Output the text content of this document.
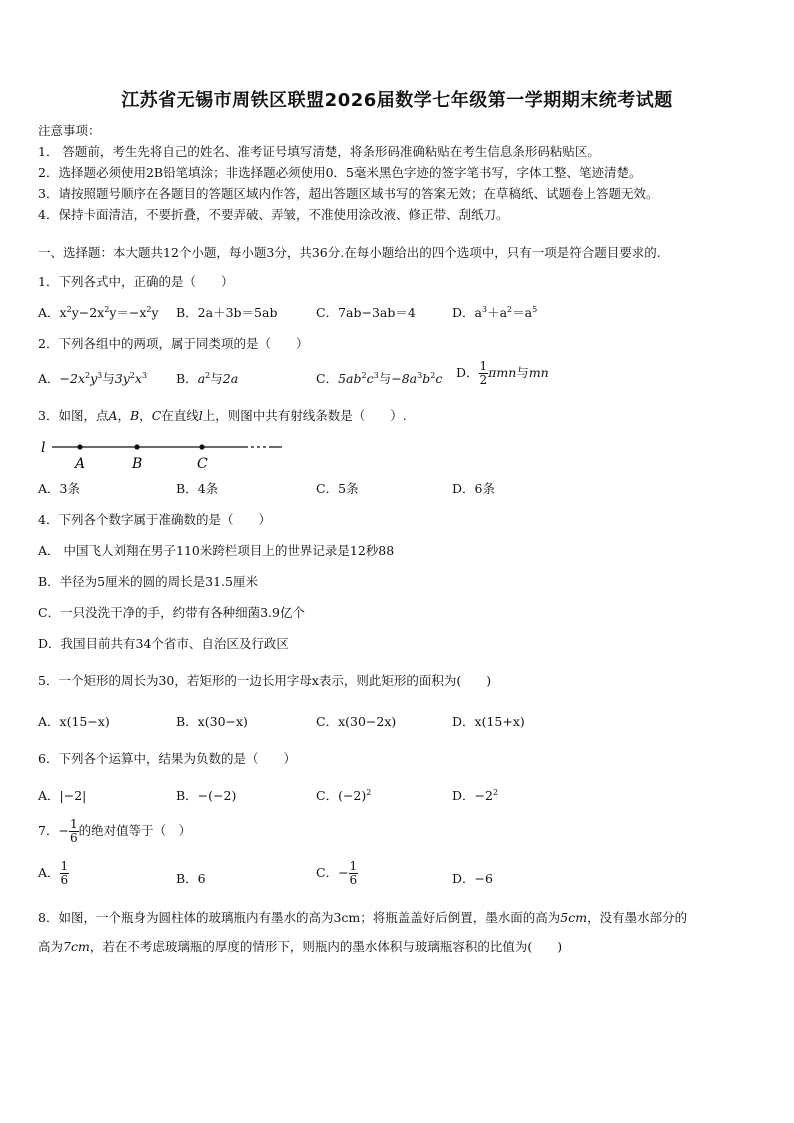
江苏省无锡市周铁区联盟2026届数学七年级第一学期期末统考试题
注意事项：
1． 答题前，考生先将自己的姓名、准考证号填写清楚，将条形码准确粘贴在考生信息条形码粘贴区。
2．选择题必须使用2B铅笔填涂；非选择题必须使用0．5毫米黑色字迹的签字笔书写，字体工整、笔迹清楚。
3．请按照题号顺序在各题目的答题区域内作答，超出答题区域书写的答案无效；在草稿纸、试题卷上答题无效。
4．保持卡面清洁，不要折叠，不要弄破、弄皱，不准使用涂改液、修正带、刮纸刀。
一、选择题：本大题共12个小题，每小题3分，共36分.在每小题给出的四个选项中，只有一项是符合题目要求的.
1．下列各式中，正确的是（　　）
A．$x^2y-2x^2y=-x^2y$ B．2a＋3b＝5ab	C．7ab−3ab＝4	D．$a^3+a^2=a^5$
2．下列各组中的两项，属于同类项的是（　　）
A．$-2x^2y^3$与$3y^2x^3$ B．$a^2$与2a	C．$5ab^2c^3$与$-8a^3b^2c$ D． $\frac{1}{2}$ πmn与mn
3．如图，点A，B，C在直线l上，则图中共有射线条数是（　　）.
l
A	B	C
A．3条	B．4条	C．5条	D．6条
4．下列各个数字属于准确数的是（　　）
A． 中国飞人刘翔在男子110米跨栏项目上的世界记录是12秒88
B．半径为5厘米的圆的周长是31.5厘米
C．一只没洗干净的手，约带有各种细菌3.9亿个
D．我国目前共有34个省市、自治区及行政区
5．一个矩形的周长为30，若矩形的一边长用字母x表示，则此矩形的面积为(　　)
A．x(15−x)	B．x(30−x)	C．x(30−2x)	D．x(15+x)
6．下列各个运算中，结果为负数的是（　　）
A．|−2|	B．−(−2)	C．$(-2)^2$	D．$-2^2$
7．− $\frac{1}{6}$ 的绝对值等于（　）
A． $\frac{1}{6}$	B．6	C．− $\frac{1}{6}$	D．−6
8．如图，一个瓶身为圆柱体的玻璃瓶内有墨水的高为3cm；将瓶盖盖好后倒置，墨水面的高为5cm，没有墨水部分的
高为7cm，若在不考虑玻璃瓶的厚度的情形下，则瓶内的墨水体积与玻璃瓶容积的比值为(　　)
